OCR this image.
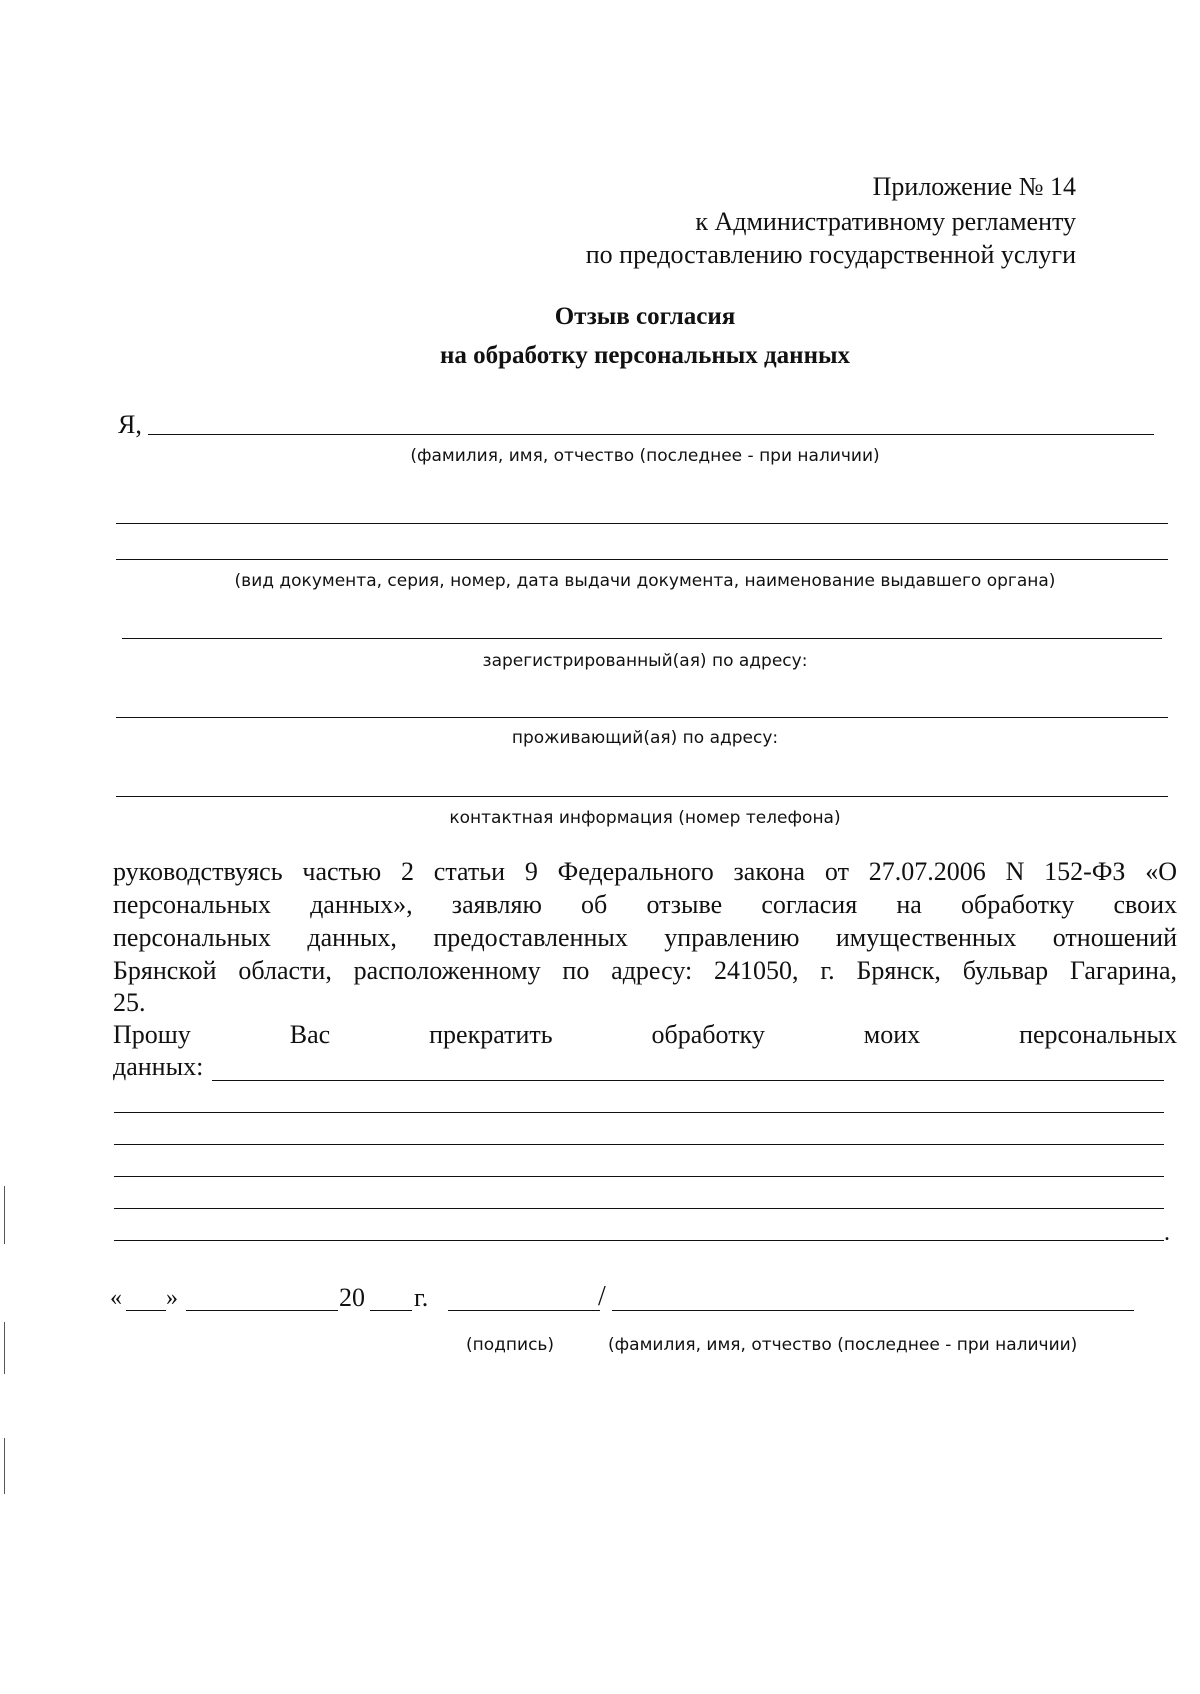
Приложение № 14
к Административному регламенту
по предоставлению государственной услуги
Отзыв согласия
на обработку персональных данных
Я,
(фамилия, имя, отчество (последнее - при наличии)
(вид документа, серия, номер, дата выдачи документа, наименование выдавшего органа)
зарегистрированный(ая) по адресу:
проживающий(ая) по адресу:
контактная информация (номер телефона)
руководствуясь частью 2 статьи 9 Федерального закона от 27.07.2006 N 152-ФЗ «О
персональных данных», заявляю об отзыве согласия на обработку своих
персональных данных, предоставленных управлению имущественных отношений
Брянской области, расположенному по адресу: 241050, г. Брянск, бульвар Гагарина,
25.
Прошу Вас прекратить обработку моих персональных
данных:
.
« »	20 г.	/
(подпись)	(фамилия, имя, отчество (последнее - при наличии)
